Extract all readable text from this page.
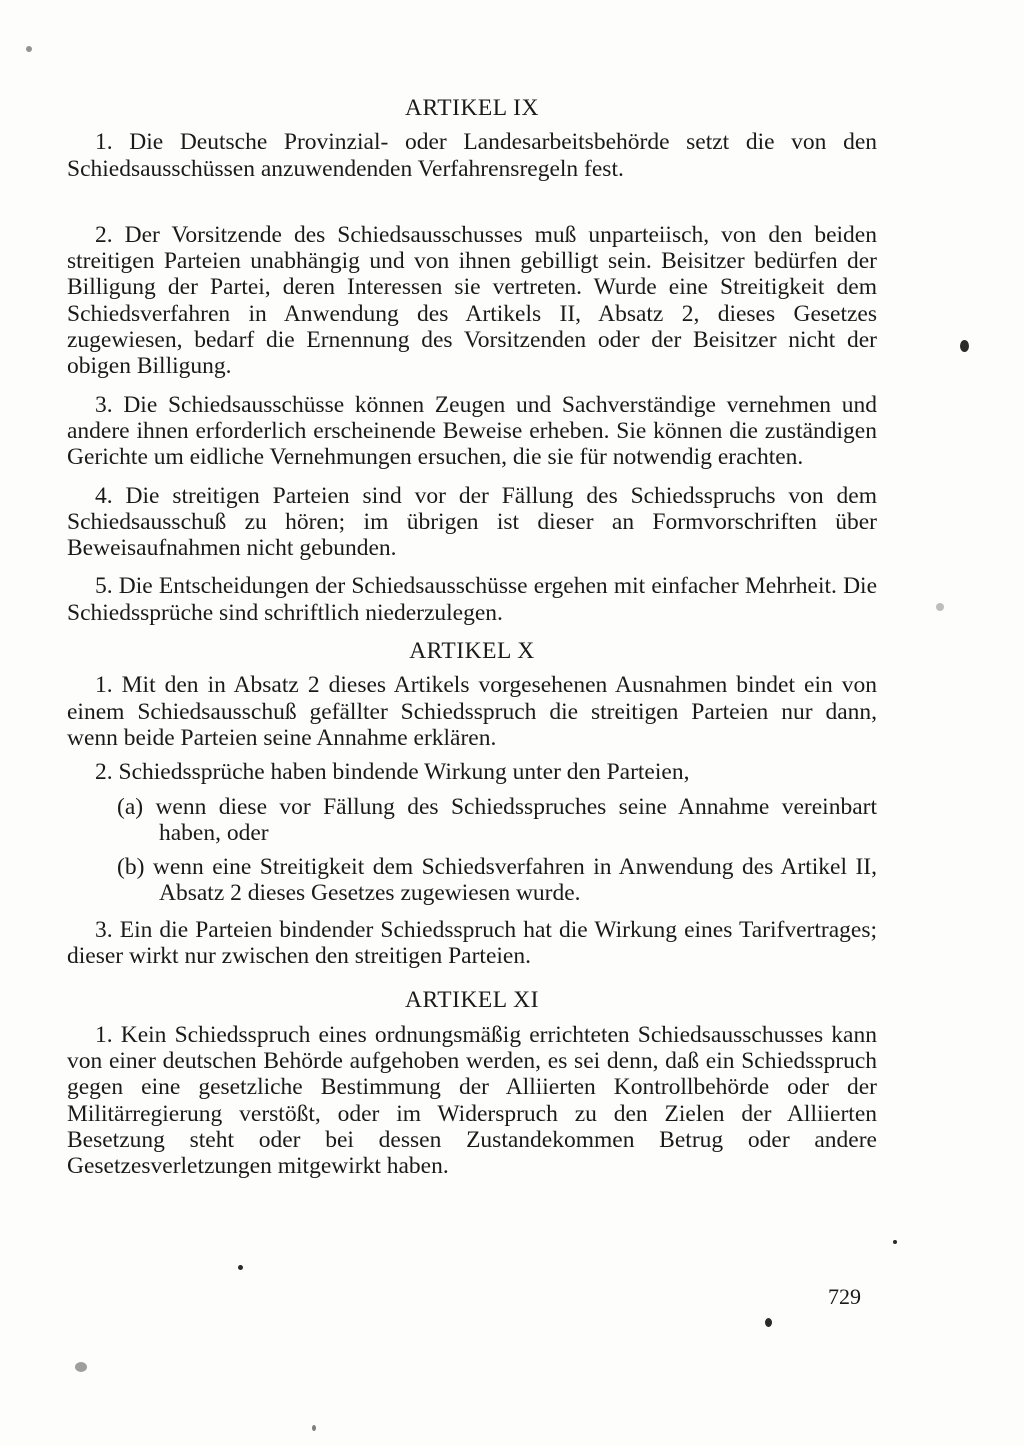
ARTIKEL IX

1. Die Deutsche Provinzial- oder Landesarbeitsbehörde setzt die von den Schiedsausschüssen anzuwendenden Verfahrensregeln fest.

2. Der Vorsitzende des Schiedsausschusses muß unparteiisch, von den beiden streitigen Parteien unabhängig und von ihnen gebilligt sein. Beisitzer bedürfen der Billigung der Partei, deren Interessen sie vertreten. Wurde eine Streitigkeit dem Schiedsverfahren in Anwendung des Artikels II, Absatz 2, dieses Gesetzes zugewiesen, bedarf die Ernennung des Vorsitzenden oder der Beisitzer nicht der obigen Billigung.

3. Die Schiedsausschüsse können Zeugen und Sachverständige vernehmen und andere ihnen erforderlich erscheinende Beweise erheben. Sie können die zuständigen Gerichte um eidliche Vernehmungen ersuchen, die sie für notwendig erachten.

4. Die streitigen Parteien sind vor der Fällung des Schiedsspruchs von dem Schiedsausschuß zu hören; im übrigen ist dieser an Formvorschriften über Beweisaufnahmen nicht gebunden.

5. Die Entscheidungen der Schiedsausschüsse ergehen mit einfacher Mehrheit. Die Schiedssprüche sind schriftlich niederzulegen.

ARTIKEL X

1. Mit den in Absatz 2 dieses Artikels vorgesehenen Ausnahmen bindet ein von einem Schiedsausschuß gefällter Schiedsspruch die streitigen Parteien nur dann, wenn beide Parteien seine Annahme erklären.

2. Schiedssprüche haben bindende Wirkung unter den Parteien,

(a) wenn diese vor Fällung des Schiedsspruches seine Annahme vereinbart haben, oder

(b) wenn eine Streitigkeit dem Schiedsverfahren in Anwendung des Artikel II, Absatz 2 dieses Gesetzes zugewiesen wurde.

3. Ein die Parteien bindender Schiedsspruch hat die Wirkung eines Tarifvertrages; dieser wirkt nur zwischen den streitigen Parteien.

ARTIKEL XI

1. Kein Schiedsspruch eines ordnungsmäßig errichteten Schiedsausschusses kann von einer deutschen Behörde aufgehoben werden, es sei denn, daß ein Schiedsspruch gegen eine gesetzliche Bestimmung der Alliierten Kontrollbehörde oder der Militärregierung verstößt, oder im Widerspruch zu den Zielen der Alliierten Besetzung steht oder bei dessen Zustandekommen Betrug oder andere Gesetzesverletzungen mitgewirkt haben.

729
